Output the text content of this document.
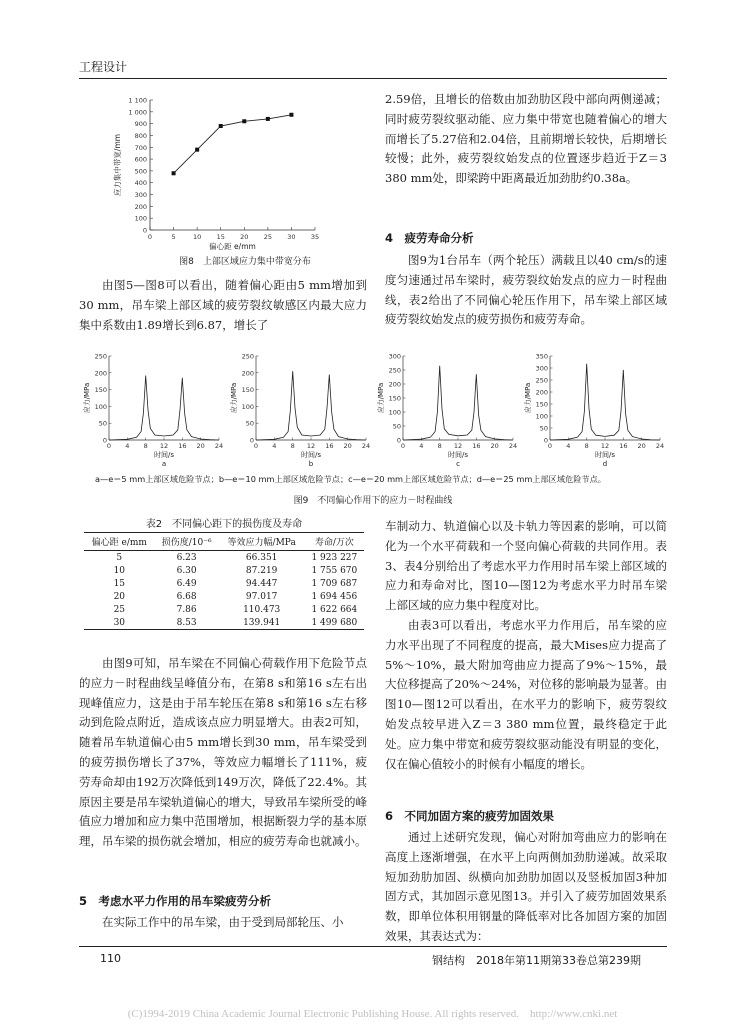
工程设计
0
100
200
300
400
500
600
700
800
900
1 000
1 100
0	5	10 15 20 25 30 35
偏心距 e/mm
应力集中带宽/mm
图8　上部区域应力集中带宽分布
由图5—图8可以看出，随着偏心距由5 mm增加到30 mm，吊车梁上部区域的疲劳裂纹敏感区内最大应力集中系数由1.89增长到6.87，增长了
2.59倍，且增长的倍数由加劲肋区段中部向两侧递减；同时疲劳裂纹驱动能、应力集中带宽也随着偏心的增大而增长了5.27倍和2.04倍，且前期增长较快，后期增长较慢；此外，疲劳裂纹始发点的位置逐步趋近于Z＝3 380 mm处，即梁跨中距离最近加劲肋约0.38a。
4　疲劳寿命分析
图9为1台吊车（两个轮压）满载且以40 cm/s的速度匀速通过吊车梁时，疲劳裂纹始发点的应力－时程曲线，表2给出了不同偏心轮压作用下，吊车梁上部区域疲劳裂纹始发点的疲劳损伤和疲劳寿命。
0
50
100
150
200
250
0 4 8 12 16 20 24
时间/s
a
应力/MPa
0
50
100
150
200
250
0 4 8 12 16 20 24
时间/s
b
应力/MPa
0
50
100
150
200
250
300
0 4 8 12 16 20 24
时间/s
c
应力/MPa
0
50
100
150
200
250
300
350
0 4 8 12 16 20 24
时间/s
d
应力/MPa
a—e＝5 mm上部区域危险节点；b—e＝10 mm上部区域危险节点；c—e＝20 mm上部区域危险节点；d—e＝25 mm上部区域危险节点。
图9　不同偏心作用下的应力－时程曲线
表2　不同偏心距下的损伤度及寿命
偏心距 e/mm	损伤度/10⁻⁶	等效应力幅/MPa	寿命/万次
5	6.23	66.351	1 923 227
10	6.30	87.219	1 755 670
15	6.49	94.447	1 709 687
20	6.68	97.017	1 694 456
25	7.86	110.473	1 622 664
30	8.53	139.941	1 499 680
由图9可知，吊车梁在不同偏心荷载作用下危险节点的应力－时程曲线呈峰值分布，在第8 s和第16 s左右出现峰值应力，这是由于吊车轮压在第8 s和第16 s左右移动到危险点附近，造成该点应力明显增大。由表2可知，随着吊车轨道偏心由5 mm增长到30 mm，吊车梁受到的疲劳损伤增长了37%，等效应力幅增长了111%，疲劳寿命却由192万次降低到149万次，降低了22.4%。其原因主要是吊车梁轨道偏心的增大，导致吊车梁所受的峰值应力增加和应力集中范围增加，根据断裂力学的基本原理，吊车梁的损伤就会增加，相应的疲劳寿命也就减小。
5　考虑水平力作用的吊车梁疲劳分析
在实际工作中的吊车梁，由于受到局部轮压、小
车制动力、轨道偏心以及卡轨力等因素的影响，可以简化为一个水平荷载和一个竖向偏心荷载的共同作用。表3、表4分别给出了考虑水平力作用时吊车梁上部区域的应力和寿命对比，图10—图12为考虑水平力时吊车梁上部区域的应力集中程度对比。
由表3可以看出，考虑水平力作用后，吊车梁的应力水平出现了不同程度的提高，最大Mises应力提高了5%～10%，最大附加弯曲应力提高了9%～15%，最大位移提高了20%～24%，对位移的影响最为显著。由图10—图12可以看出，在水平力的影响下，疲劳裂纹始发点较早进入Z＝3 380 mm位置，最终稳定于此处。应力集中带宽和疲劳裂纹驱动能没有明显的变化，仅在偏心值较小的时候有小幅度的增长。
6　不同加固方案的疲劳加固效果
通过上述研究发现，偏心对附加弯曲应力的影响在高度上逐渐增强，在水平上向两侧加劲肋递减。故采取短加劲肋加固、纵横向加劲肋加固以及竖板加固3种加固方式，其加固示意见图13。并引入了疲劳加固效果系数，即单位体积用钢量的降低率对比各加固方案的加固效果，其表达式为：
110	钢结构　2018年第11期第33卷总第239期
(C)1994-2019 China Academic Journal Electronic Publishing House. All rights reserved.　http://www.cnki.net
